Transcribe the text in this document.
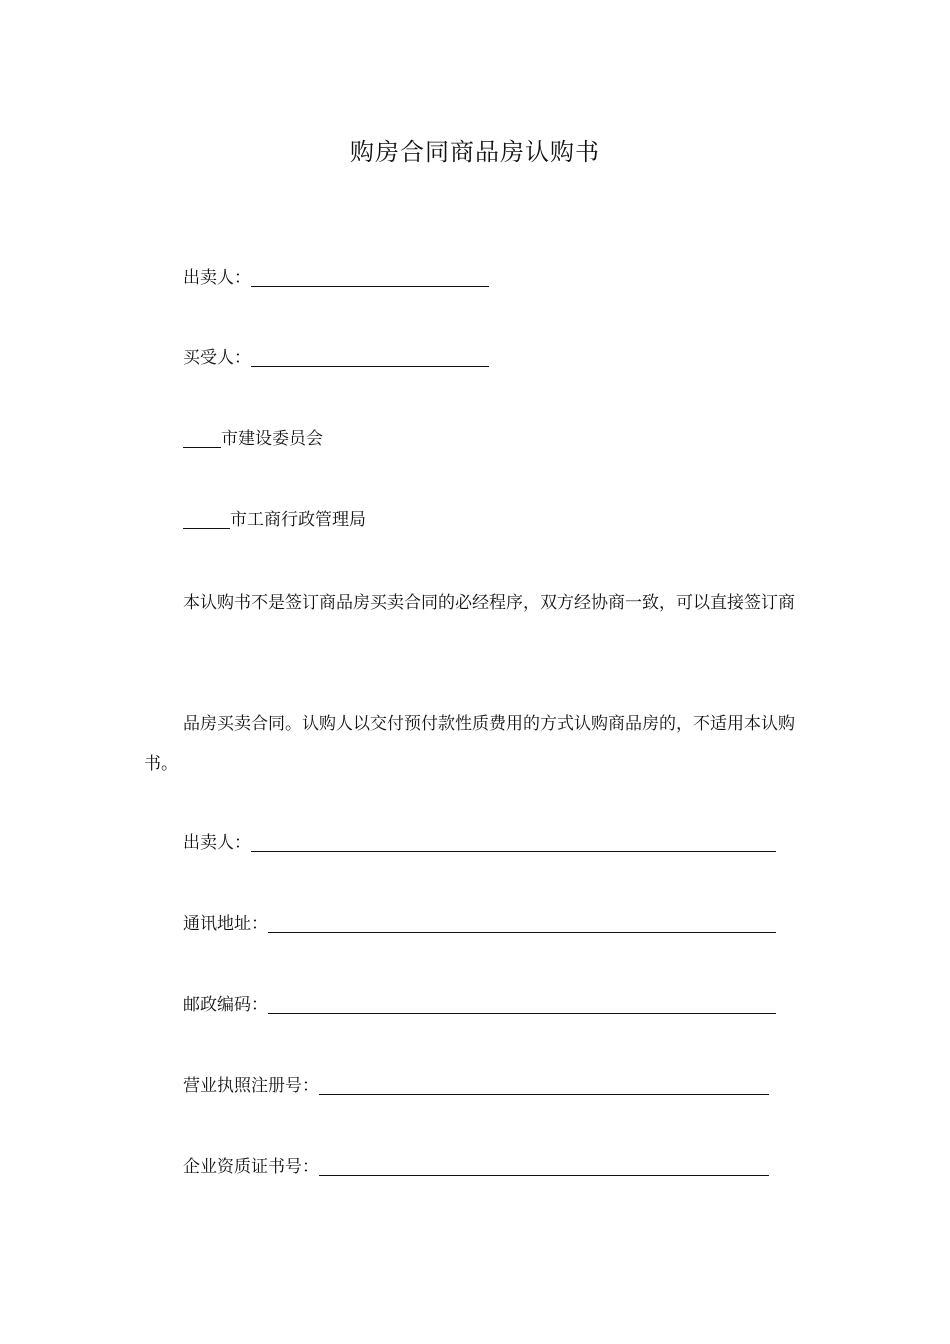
购房合同商品房认购书
出卖人：
买受人：
市建设委员会
市工商行政管理局
本认购书不是签订商品房买卖合同的必经程序，双方经协商一致，可以直接签订商
品房买卖合同。认购人以交付预付款性质费用的方式认购商品房的，不适用本认购书。
出卖人：
通讯地址：
邮政编码：
营业执照注册号：
企业资质证书号：
